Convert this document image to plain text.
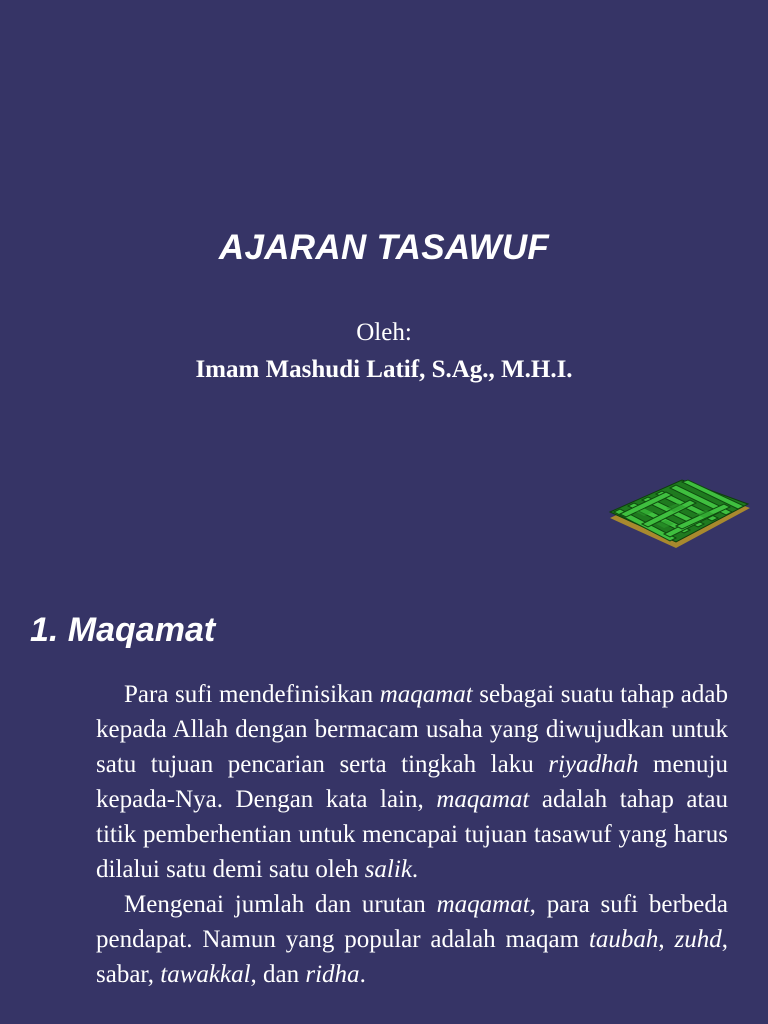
AJARAN TASAWUF
Oleh:
Imam Mashudi Latif, S.Ag., M.H.I.
1. Maqamat

Para sufi mendefinisikan maqamat sebagai suatu tahap adab kepada Allah dengan bermacam usaha yang diwujudkan untuk satu tujuan pencarian serta tingkah laku riyadhah menuju kepada-Nya. Dengan kata lain, maqamat adalah tahap atau titik pemberhentian untuk mencapai tujuan tasawuf yang harus dilalui satu demi satu oleh salik.

Mengenai jumlah dan urutan maqamat, para sufi berbeda pendapat. Namun yang popular adalah maqam taubah, zuhd, sabar, tawakkal, dan ridha.
